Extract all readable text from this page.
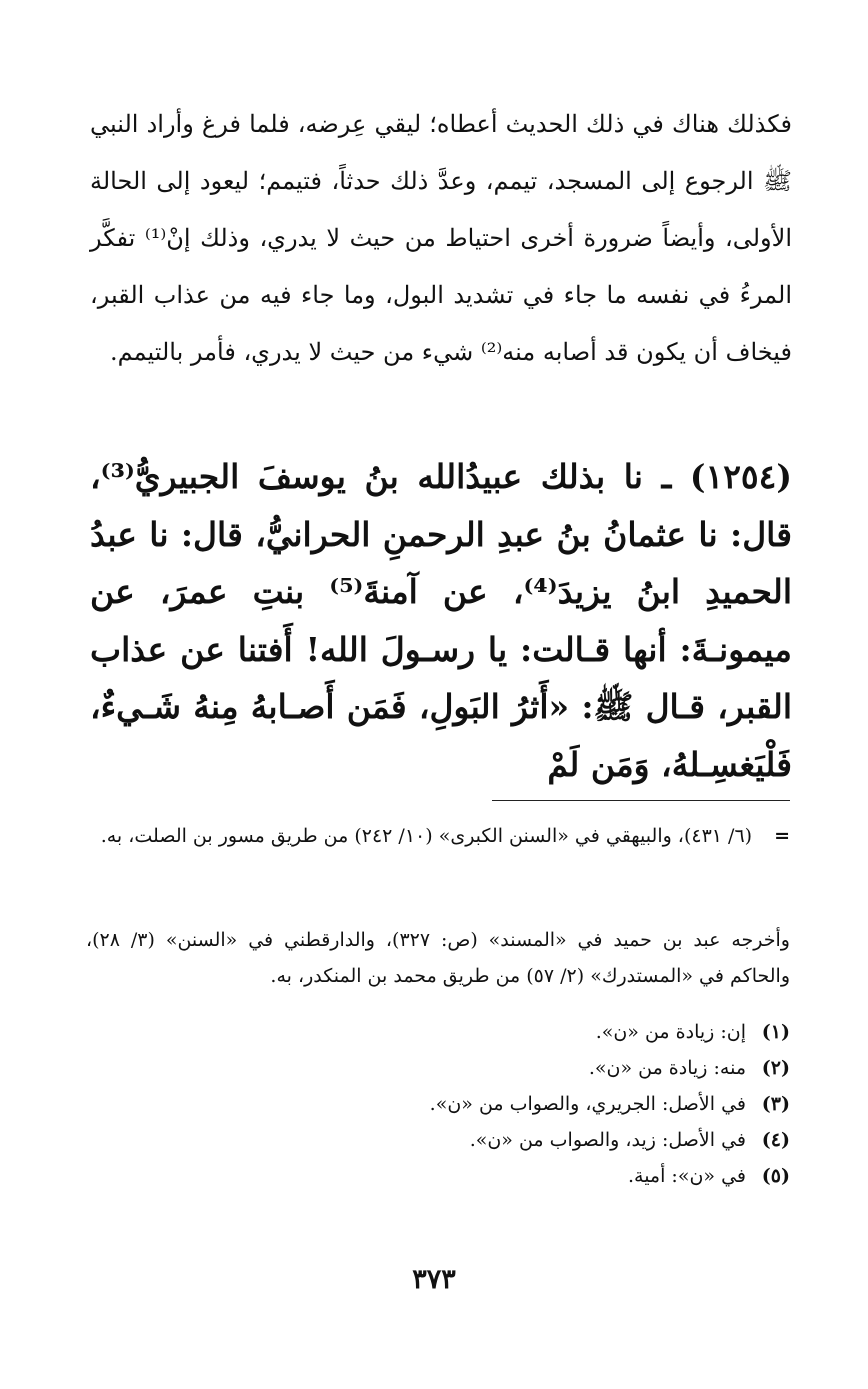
فكذلك هناك في ذلك الحديث أعطاه؛ ليقي عِرضه، فلما فرغ وأراد النبي ﷺ الرجوع إلى المسجد، تيمم، وعدَّ ذلك حدثاً، فتيمم؛ ليعود إلى الحالة الأولى، وأيضاً ضرورة أخرى احتياط من حيث لا يدري، وذلك إنْ⁽¹⁾ تفكَّر المرءُ في نفسه ما جاء في تشديد البول، وما جاء فيه من عذاب القبر، فيخاف أن يكون قد أصابه منه⁽²⁾ شيء من حيث لا يدري، فأمر بالتيمم.

(١٢٥٤) ـ نا بذلك عبيدُالله بنُ يوسفَ الجبيريُّ⁽³⁾، قال: نا عثمانُ بنُ عبدِ الرحمنِ الحرانيُّ، قال: نا عبدُ الحميدِ ابنُ يزيدَ⁽⁴⁾، عن آمنةَ⁽⁵⁾ بنتِ عمرَ، عن ميمونـةَ: أنها قـالت: يا رسـولَ الله! أَفتنا عن عذاب القبر، قـال ﷺ: «أَثرُ البَولِ، فَمَن أَصـابهُ مِنهُ شَـيءٌ، فَلْيَغسِـلهُ، وَمَن لَمْ

=(٦/ ٤٣١)، والبيهقي في «السنن الكبرى» (١٠/ ٢٤٢) من طريق مسور بن الصلت، به.
وأخرجه عبد بن حميد في «المسند» (ص: ٣٢٧)، والدارقطني في «السنن» (٣/ ٢٨)، والحاكم في «المستدرك» (٢/ ٥٧) من طريق محمد بن المنكدر، به.
(١)إن: زيادة من «ن».
(٢)منه: زيادة من «ن».
(٣)في الأصل: الجريري، والصواب من «ن».
(٤)في الأصل: زيد، والصواب من «ن».
(٥)في «ن»: أمية.
٣٧٣
